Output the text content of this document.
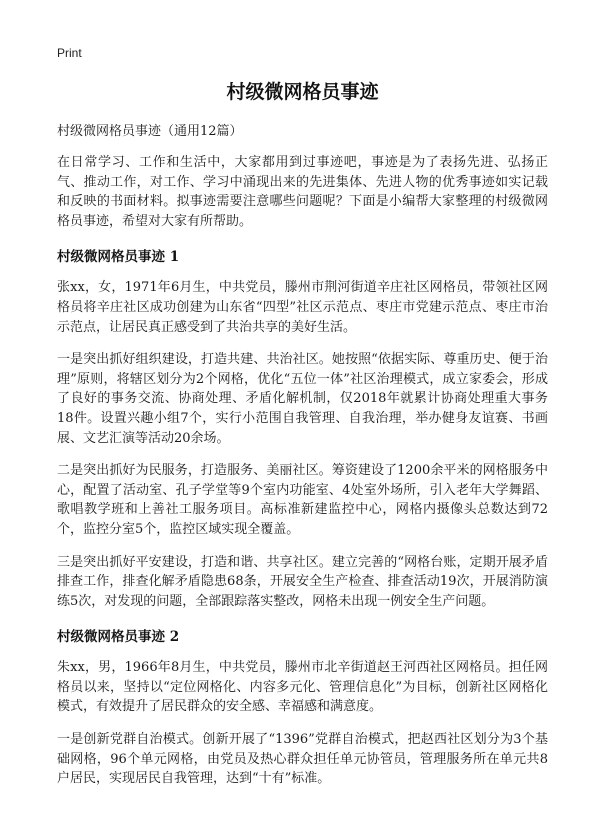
Print
村级微网格员事迹
村级微网格员事迹（通用12篇）

在日常学习、工作和生活中，大家都用到过事迹吧，事迹是为了表扬先进、弘扬正气、推动工作，对工作、学习中涌现出来的先进集体、先进人物的优秀事迹如实记载和反映的书面材料。拟事迹需要注意哪些问题呢？下面是小编帮大家整理的村级微网格员事迹，希望对大家有所帮助。

村级微网格员事迹 1

张xx，女，1971年6月生，中共党员，滕州市荆河街道辛庄社区网格员，带领社区网格员将辛庄社区成功创建为山东省“四型”社区示范点、枣庄市党建示范点、枣庄市治示范点，让居民真正感受到了共治共享的美好生活。

一是突出抓好组织建设，打造共建、共治社区。她按照“依据实际、尊重历史、便于治理”原则，将辖区划分为2个网格，优化“五位一体”社区治理模式，成立家委会，形成了良好的事务交流、协商处理、矛盾化解机制，仅2018年就累计协商处理重大事务18件。设置兴趣小组7个，实行小范围自我管理、自我治理，举办健身友谊赛、书画展、文艺汇演等活动20余场。

二是突出抓好为民服务，打造服务、美丽社区。筹资建设了1200余平米的网格服务中心，配置了活动室、孔子学堂等9个室内功能室、4处室外场所，引入老年大学舞蹈、歌唱教学班和上善社工服务项目。高标准新建监控中心，网格内摄像头总数达到72个，监控分室5个，监控区域实现全覆盖。

三是突出抓好平安建设，打造和谐、共享社区。建立完善的“网格台账，定期开展矛盾排查工作，排查化解矛盾隐患68条，开展安全生产检查、排查活动19次，开展消防演练5次，对发现的问题，全部跟踪落实整改，网格未出现一例安全生产问题。

村级微网格员事迹 2

朱xx，男，1966年8月生，中共党员，滕州市北辛街道赵王河西社区网格员。担任网格员以来，坚持以“定位网格化、内容多元化、管理信息化”为目标，创新社区网格化模式，有效提升了居民群众的安全感、幸福感和满意度。

一是创新党群自治模式。创新开展了“1396”党群自治模式，把赵西社区划分为3个基础网格，96个单元网格，由党员及热心群众担任单元协管员，管理服务所在单元共8户居民，实现居民自我管理，达到“十有”标准。
